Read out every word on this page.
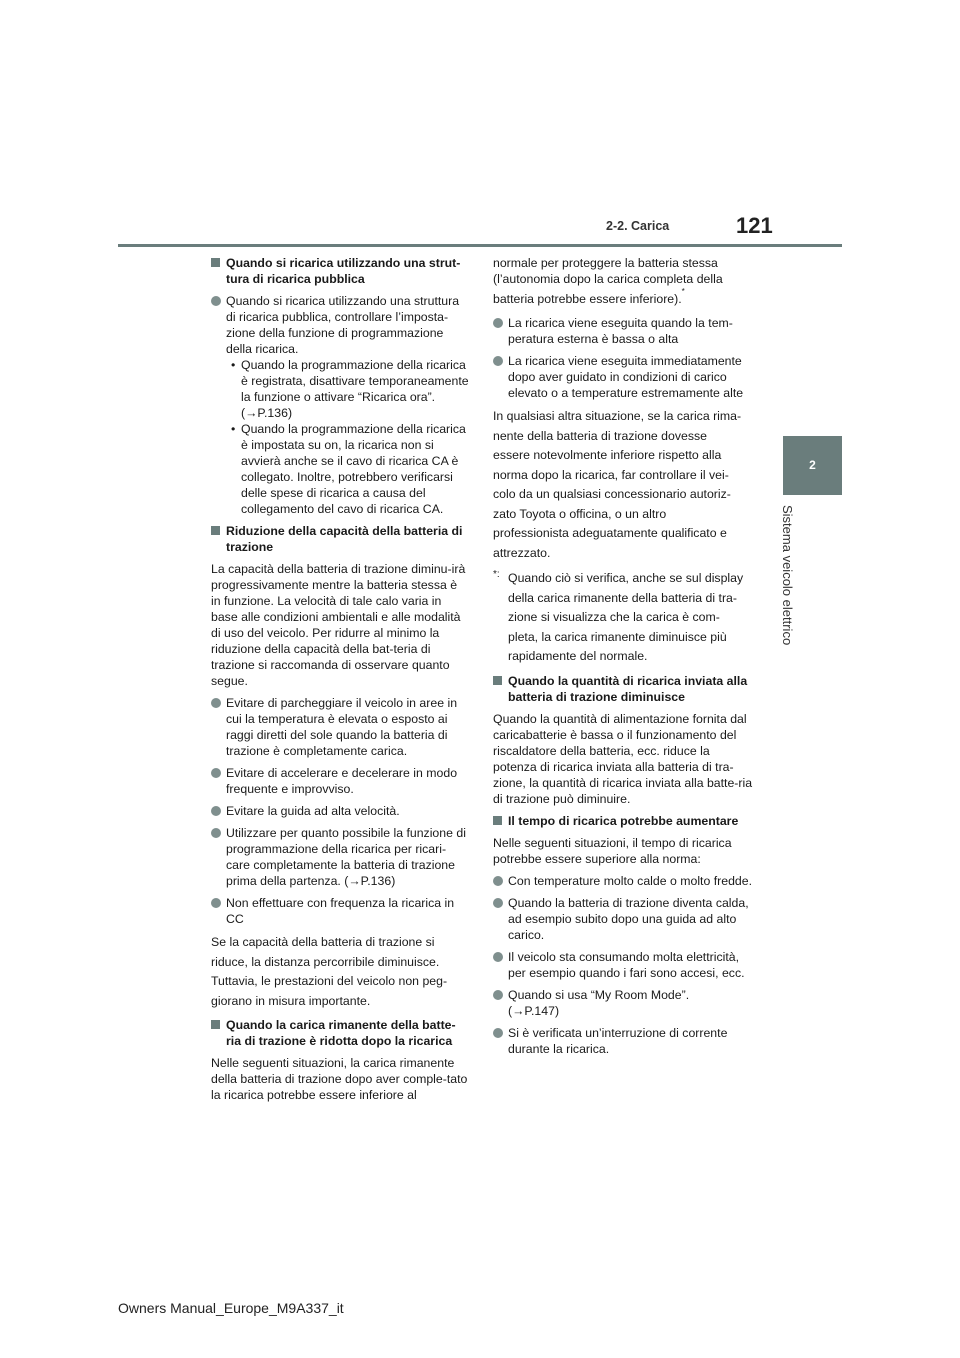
2-2. Carica	121
2
Sistema veicolo elettrico
Quando si ricarica utilizzando una strut-tura di ricarica pubblica
Quando si ricarica utilizzando una struttura di ricarica pubblica, controllare l’imposta-zione della funzione di programmazione della ricarica.
• Quando la programmazione della ricarica è registrata, disattivare temporaneamente la funzione o attivare “Ricarica ora”.
(→P.136)
• Quando la programmazione della ricarica è impostata su on, la ricarica non si avvierà anche se il cavo di ricarica CA è collegato. Inoltre, potrebbero verificarsi delle spese di ricarica a causa del collegamento del cavo di ricarica CA.
Riduzione della capacità della batteria di trazione
La capacità della batteria di trazione diminu-irà progressivamente mentre la batteria stessa è in funzione. La velocità di tale calo varia in base alle condizioni ambientali e alle modalità di uso del veicolo. Per ridurre al minimo la riduzione della capacità della bat-teria di trazione si raccomanda di osservare quanto segue.
Evitare di parcheggiare il veicolo in aree in cui la temperatura è elevata o esposto ai raggi diretti del sole quando la batteria di trazione è completamente carica.
Evitare di accelerare e decelerare in modo frequente e improvviso.
Evitare la guida ad alta velocità.
Utilizzare per quanto possibile la funzione di programmazione della ricarica per ricari-care completamente la batteria di trazione prima della partenza. (→P.136)
Non effettuare con frequenza la ricarica in CC

Se la capacità della batteria di trazione si

riduce, la distanza percorribile diminuisce.

Tuttavia, le prestazioni del veicolo non peg-

giorano in misura importante.

Quando la carica rimanente della batte-ria di trazione è ridotta dopo la ricarica
Nelle seguenti situazioni, la carica rimanente della batteria di trazione dopo aver comple-tato la ricarica potrebbe essere inferiore al
normale per proteggere la batteria stessa (l’autonomia dopo la carica completa della
batteria potrebbe essere inferiore).*
La ricarica viene eseguita quando la tem-peratura esterna è bassa o alta
La ricarica viene eseguita immediatamente dopo aver guidato in condizioni di carico elevato o a temperature estremamente alte

In qualsiasi altra situazione, se la carica rima-

nente della batteria di trazione dovesse

essere notevolmente inferiore rispetto alla

norma dopo la ricarica, far controllare il vei-

colo da un qualsiasi concessionario autoriz-

zato Toyota o officina, o un altro

professionista adeguatamente qualificato e

attrezzato.

*: Quando ciò si verifica, anche se sul display

della carica rimanente della batteria di tra-

zione si visualizza che la carica è com-

pleta, la carica rimanente diminuisce più

rapidamente del normale.

Quando la quantità di ricarica inviata alla batteria di trazione diminuisce
Quando la quantità di alimentazione fornita dal caricabatterie è bassa o il funzionamento del riscaldatore della batteria, ecc. riduce la potenza di ricarica inviata alla batteria di tra-zione, la quantità di ricarica inviata alla batte-ria di trazione può diminuire.
Il tempo di ricarica potrebbe aumentare
Nelle seguenti situazioni, il tempo di ricarica potrebbe essere superiore alla norma:
Con temperature molto calde o molto fredde.
Quando la batteria di trazione diventa calda, ad esempio subito dopo una guida ad alto carico.
Il veicolo sta consumando molta elettricità, per esempio quando i fari sono accesi, ecc.
Quando si usa “My Room Mode”.
(→P.147)
Si è verificata un’interruzione di corrente durante la ricarica.
Owners Manual_Europe_M9A337_it
